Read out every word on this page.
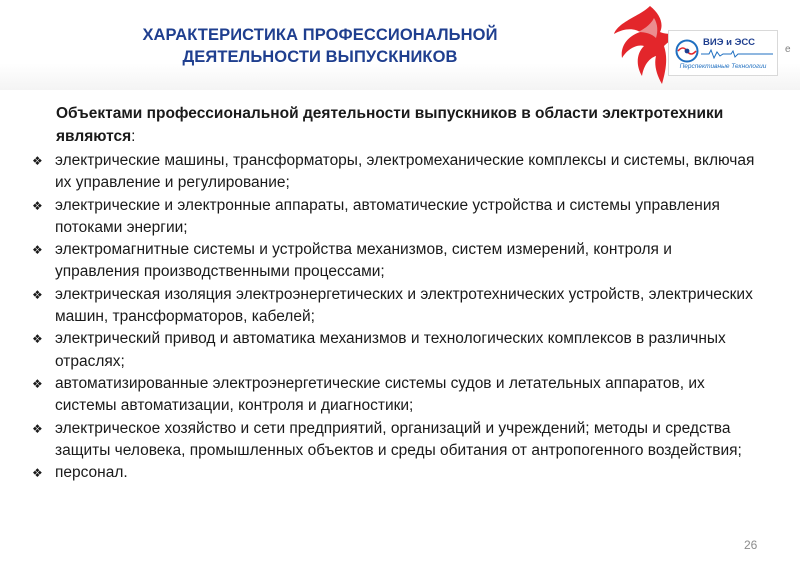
ХАРАКТЕРИСТИКА ПРОФЕССИОНАЛЬНОЙ
ДЕЯТЕЛЬНОСТИ ВЫПУСКНИКОВ
ВИЭ и ЭСС
Перспективные Технологии
е
Объектами профессиональной деятельности выпускников в области электротехники являются:
❖ электрические машины, трансформаторы, электромеханические комплексы и системы, включая их управление и регулирование;
❖ электрические и электронные аппараты, автоматические устройства и системы управления потоками энергии;
❖ электромагнитные системы и устройства механизмов, систем измерений, контроля и управления производственными процессами;
❖ электрическая изоляция электроэнергетических и электротехнических устройств, электрических машин, трансформаторов, кабелей;
❖ электрический привод и автоматика механизмов и технологических комплексов в различных отраслях;
❖ автоматизированные электроэнергетические системы судов и летательных аппаратов, их системы автоматизации, контроля и диагностики;
❖ электрическое хозяйство и сети предприятий, организаций и учреждений; методы и средства защиты человека, промышленных объектов и среды обитания от антропогенного воздействия;
❖ персонал.
26
